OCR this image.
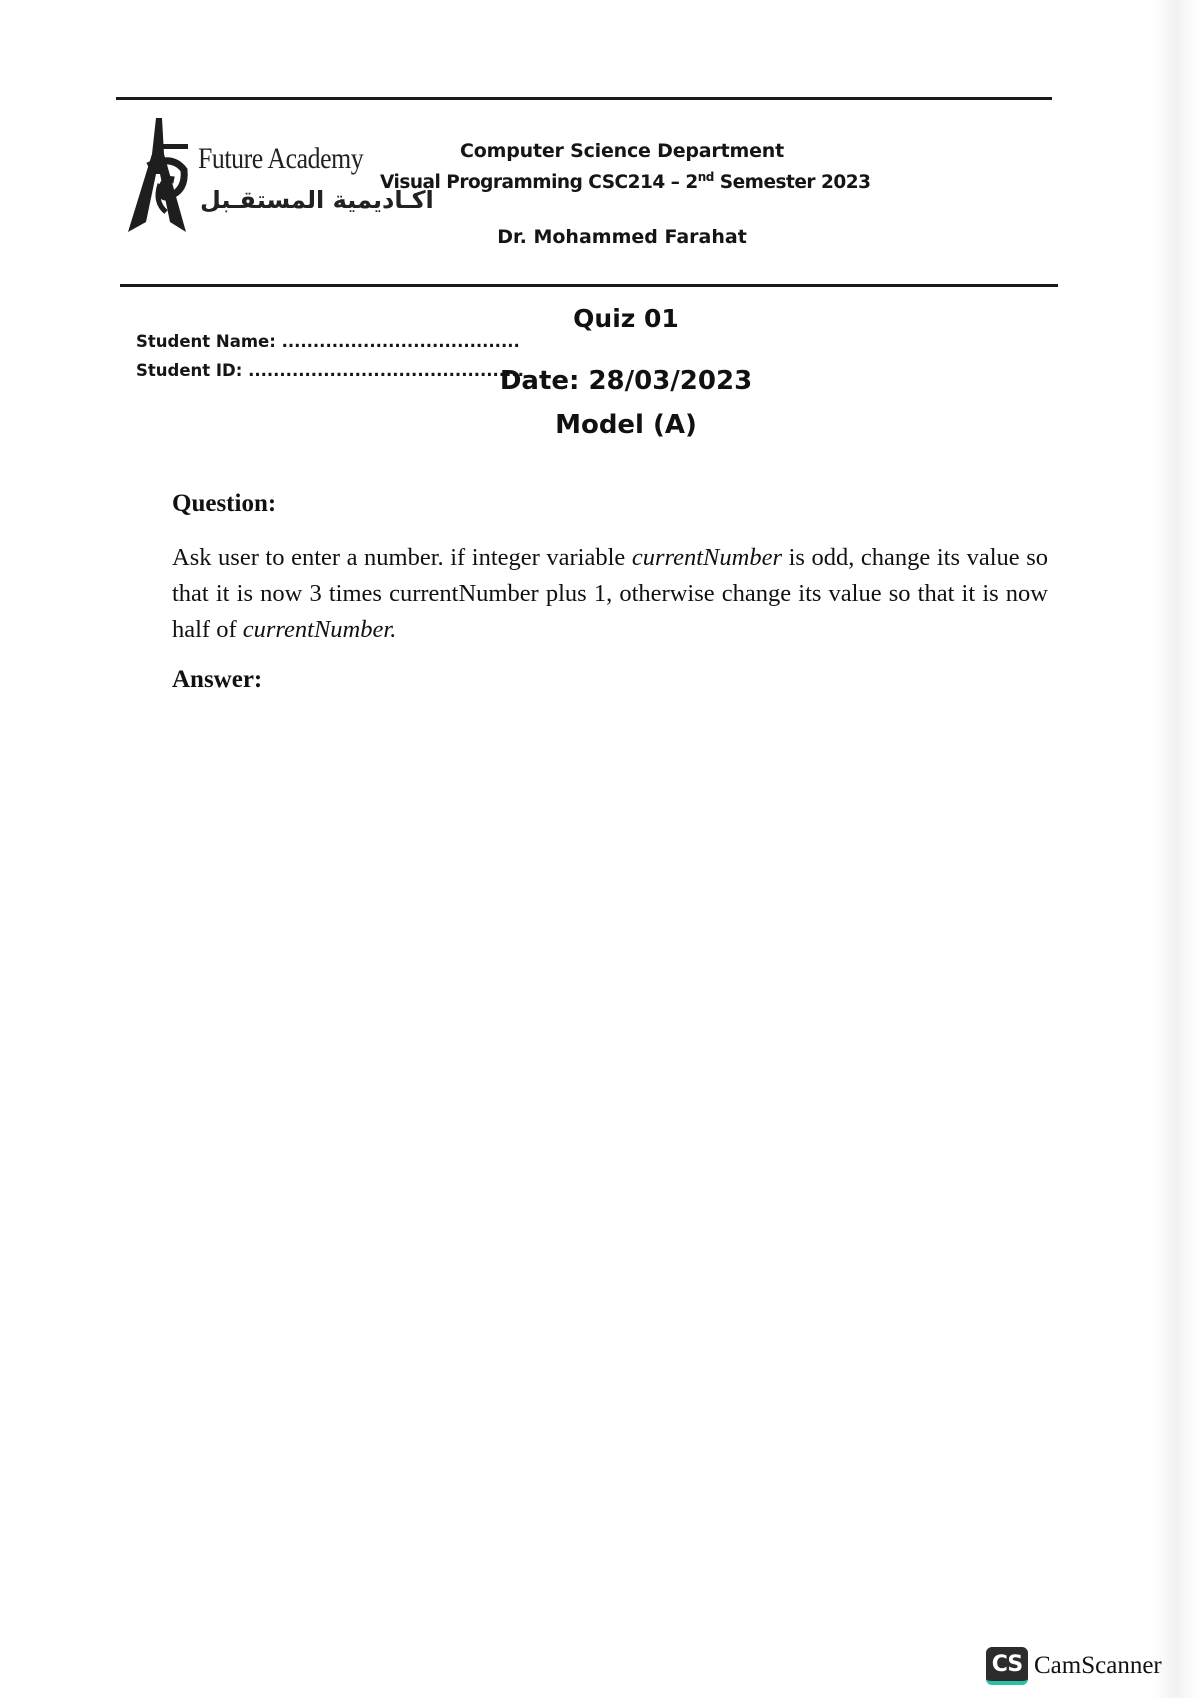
Future Academy
اكـاديمية المستقـبل
Computer Science Department
Visual Programming CSC214 – 2nd Semester 2023
Dr. Mohammed Farahat
Student Name: ......................................
Student ID: ............................................
Quiz 01
Date: 28/03/2023
Model (A)
Question:
Ask user to enter a number. if integer variable currentNumber is odd, change its value so that it is now 3 times currentNumber plus 1, otherwise change its value so that it is now half of currentNumber.
Answer:
CS CamScanner
